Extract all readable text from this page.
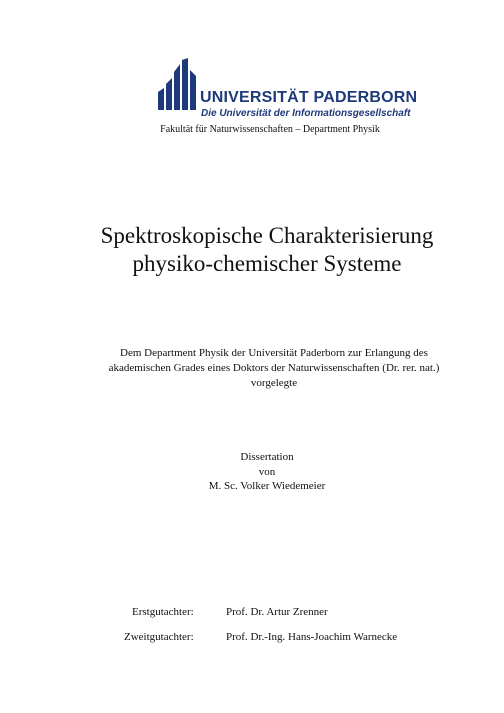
UNIVERSITÄT PADERBORN
Die Universität der Informationsgesellschaft
Fakultät für Naturwissenschaften – Department Physik
Spektroskopische Charakterisierung
physiko-chemischer Systeme
Dem Department Physik der Universität Paderborn zur Erlangung des
akademischen Grades eines Doktors der Naturwissenschaften (Dr. rer. nat.)
vorgelegte
Dissertation
von
M. Sc. Volker Wiedemeier
Erstgutachter:	Prof. Dr. Artur Zrenner
Zweitgutachter:	Prof. Dr.-Ing. Hans-Joachim Warnecke
